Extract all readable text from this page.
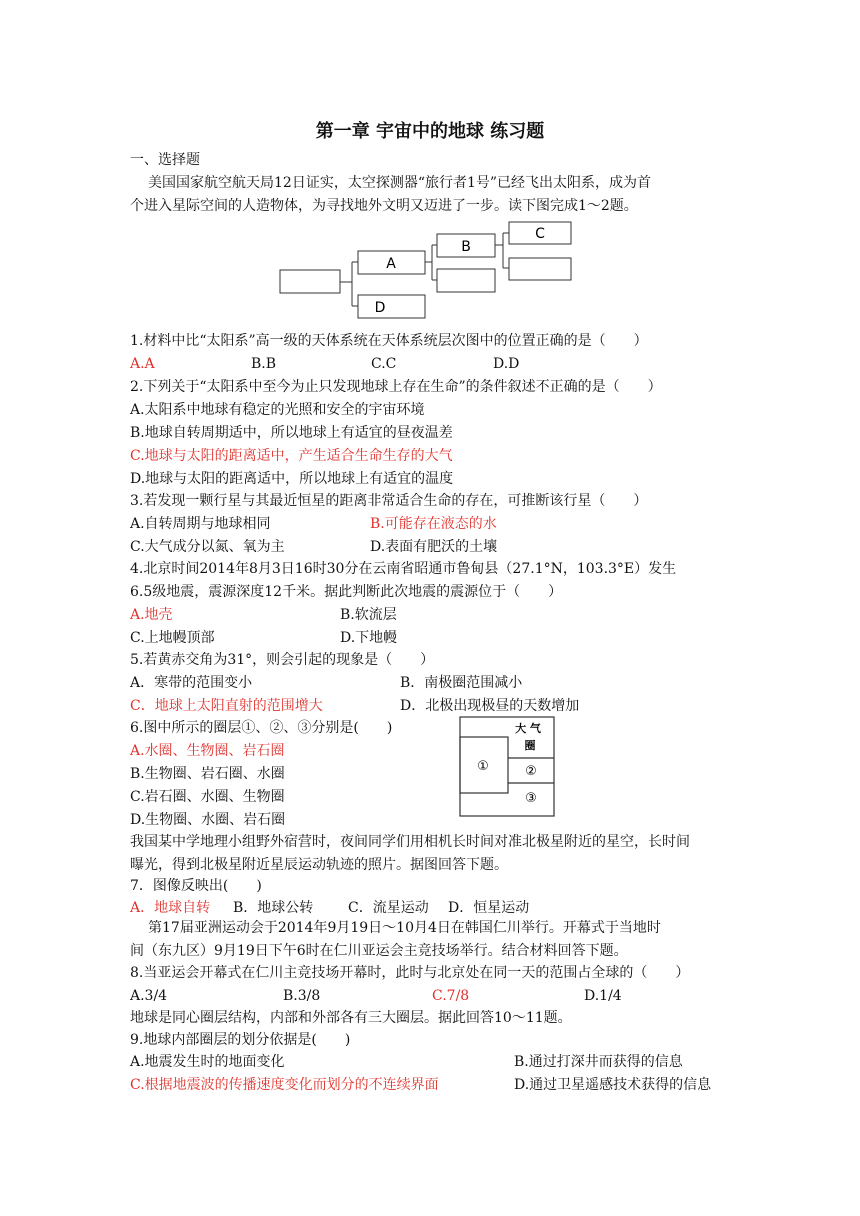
第一章 宇宙中的地球 练习题
一、选择题
美国国家航空航天局12日证实，太空探测器“旅行者1号”已经飞出太阳系，成为首
个进入星际空间的人造物体，为寻找地外文明又迈进了一步。读下图完成1～2题。
A
B
C
D
1.材料中比“太阳系”高一级的天体系统在天体系统层次图中的位置正确的是（　　）
A.A	B.B	C.C	D.D
2.下列关于“太阳系中至今为止只发现地球上存在生命”的条件叙述不正确的是（　　）
A.太阳系中地球有稳定的光照和安全的宇宙环境
B.地球自转周期适中，所以地球上有适宜的昼夜温差
C.地球与太阳的距离适中，产生适合生命生存的大气
D.地球与太阳的距离适中，所以地球上有适宜的温度
3.若发现一颗行星与其最近恒星的距离非常适合生命的存在，可推断该行星（　　）
A.自转周期与地球相同	B.可能存在液态的水
C.大气成分以氮、氧为主	D.表面有肥沃的土壤
4.北京时间2014年8月3日16时30分在云南省昭通市鲁甸县（27.1°N，103.3°E）发生
6.5级地震，震源深度12千米。据此判断此次地震的震源位于（　　）
A.地壳	B.软流层
C.上地幔顶部	D.下地幔
5.若黄赤交角为31°，则会引起的现象是（　　）
A．寒带的范围变小	B．南极圈范围减小
C．地球上太阳直射的范围增大	D．北极出现极昼的天数增加
6.图中所示的圈层①、②、③分别是(　　)
A.水圈、生物圈、岩石圈
B.生物圈、岩石圈、水圈
C.岩石圈、水圈、生物圈
D.生物圈、水圈、岩石圈
大 气
圈
①	②
③
我国某中学地理小组野外宿营时，夜间同学们用相机长时间对准北极星附近的星空，长时间
曝光，得到北极星附近星辰运动轨迹的照片。据图回答下题。
7．图像反映出(　　)
A．地球自转 B．地球公转 C．流星运动 D．恒星运动
第17届亚洲运动会于2014年9月19日～10月4日在韩国仁川举行。开幕式于当地时
间（东九区）9月19日下午6时在仁川亚运会主竞技场举行。结合材料回答下题。
8.当亚运会开幕式在仁川主竞技场开幕时，此时与北京处在同一天的范围占全球的（　　）
A.3/4	B.3/8	C.7/8	D.1/4
地球是同心圈层结构，内部和外部各有三大圈层。据此回答10～11题。
9.地球内部圈层的划分依据是(　　)
A.地震发生时的地面变化	B.通过打深井而获得的信息
C.根据地震波的传播速度变化而划分的不连续界面	D.通过卫星遥感技术获得的信息
